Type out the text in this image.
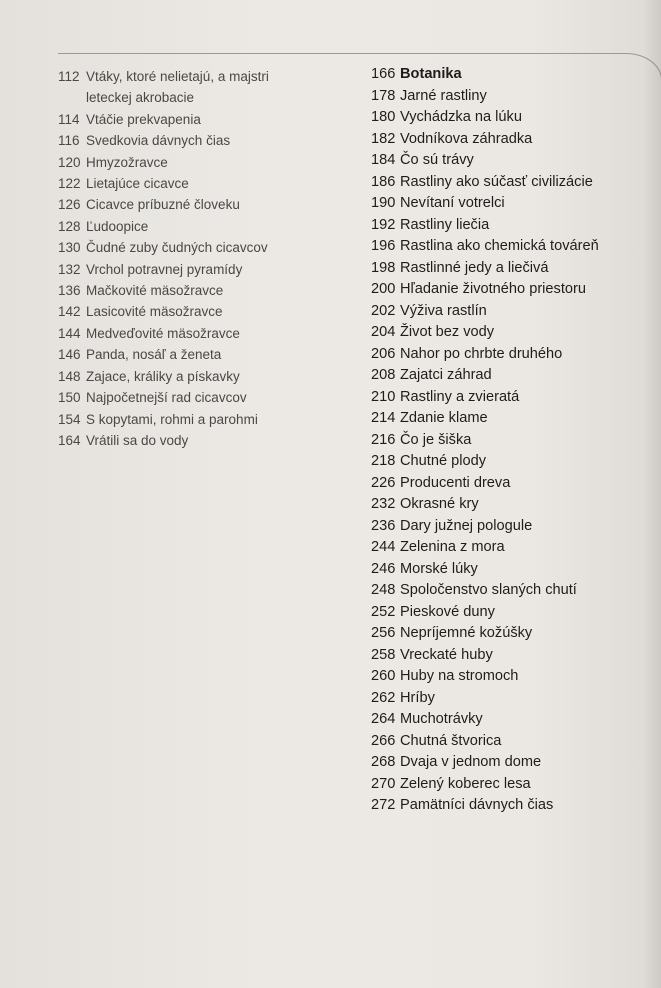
112 Vtáky, ktoré nelietajú, a majstri leteckej akrobacie
114 Vtáčie prekvapenia
116 Svedkovia dávnych čias
120 Hmyzožravce
122 Lietajúce cicavce
126 Cicavce príbuzné človeku
128 Ľudoopice
130 Čudné zuby čudných cicavcov
132 Vrchol potravnej pyramídy
136 Mačkovité mäsožravce
142 Lasicovité mäsožravce
144 Medveďovité mäsožravce
146 Panda, nosáľ a ženeta
148 Zajace, králiky a pískavky
150 Najpočetnejší rad cicavcov
154 S kopytami, rohmi a parohmi
164 Vrátili sa do vody
166 Botanika
178 Jarné rastliny
180 Vychádzka na lúku
182 Vodníkova záhradka
184 Čo sú trávy
186 Rastliny ako súčasť civilizácie
190 Nevítaní votrelci
192 Rastliny liečia
196 Rastlina ako chemická továreň
198 Rastlinné jedy a liečivá
200 Hľadanie životného priestoru
202 Výživa rastlín
204 Život bez vody
206 Nahor po chrbte druhého
208 Zajatci záhrad
210 Rastliny a zvieratá
214 Zdanie klame
216 Čo je šiška
218 Chutné plody
226 Producenti dreva
232 Okrasné kry
236 Dary južnej pologule
244 Zelenina z mora
246 Morské lúky
248 Spoločenstvo slaných chutí
252 Pieskové duny
256 Nepríjemné kožúšky
258 Vreckaté huby
260 Huby na stromoch
262 Hríby
264 Muchotrávky
266 Chutná štvorica
268 Dvaja v jednom dome
270 Zelený koberec lesa
272 Pamätníci dávnych čias
